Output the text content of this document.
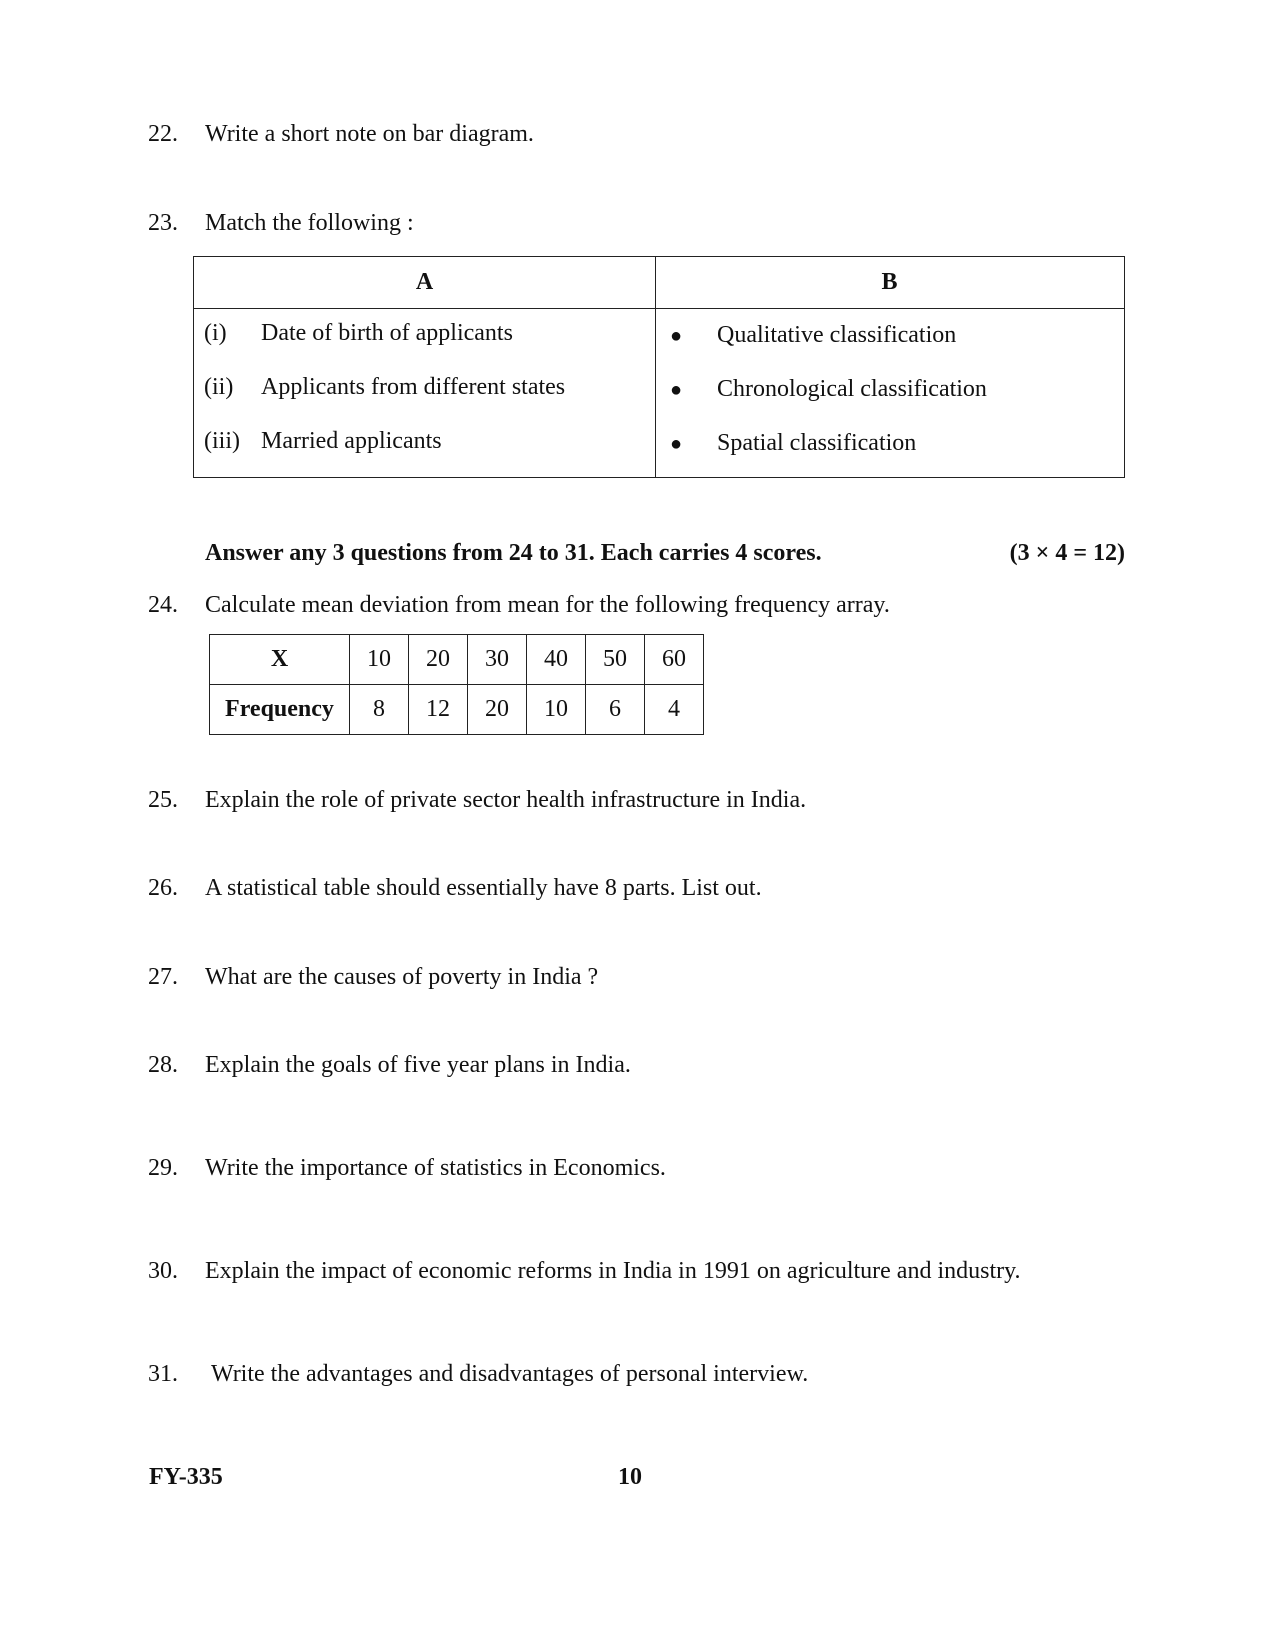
22.	Write a short note on bar diagram.
23.	Match the following :
A	B
(i)	Date of birth of applicants	●	Qualitative classification
(ii)	Applicants from different states	●	Chronological classification
(iii) Married applicants	●	Spatial classification
Answer any 3 questions from 24 to 31. Each carries 4 scores.	(3 × 4 = 12)
24.	Calculate mean deviation from mean for the following frequency array.
X	10	20	30	40	50	60
Frequency	8	12	20	10	6	4
25.	Explain the role of private sector health infrastructure in India.
26.	A statistical table should essentially have 8 parts. List out.
27.	What are the causes of poverty in India ?
28.	Explain the goals of five year plans in India.
29.	Write the importance of statistics in Economics.
30.	Explain the impact of economic reforms in India in 1991 on agriculture and industry.
31.	Write the advantages and disadvantages of personal interview.
FY-335	10
